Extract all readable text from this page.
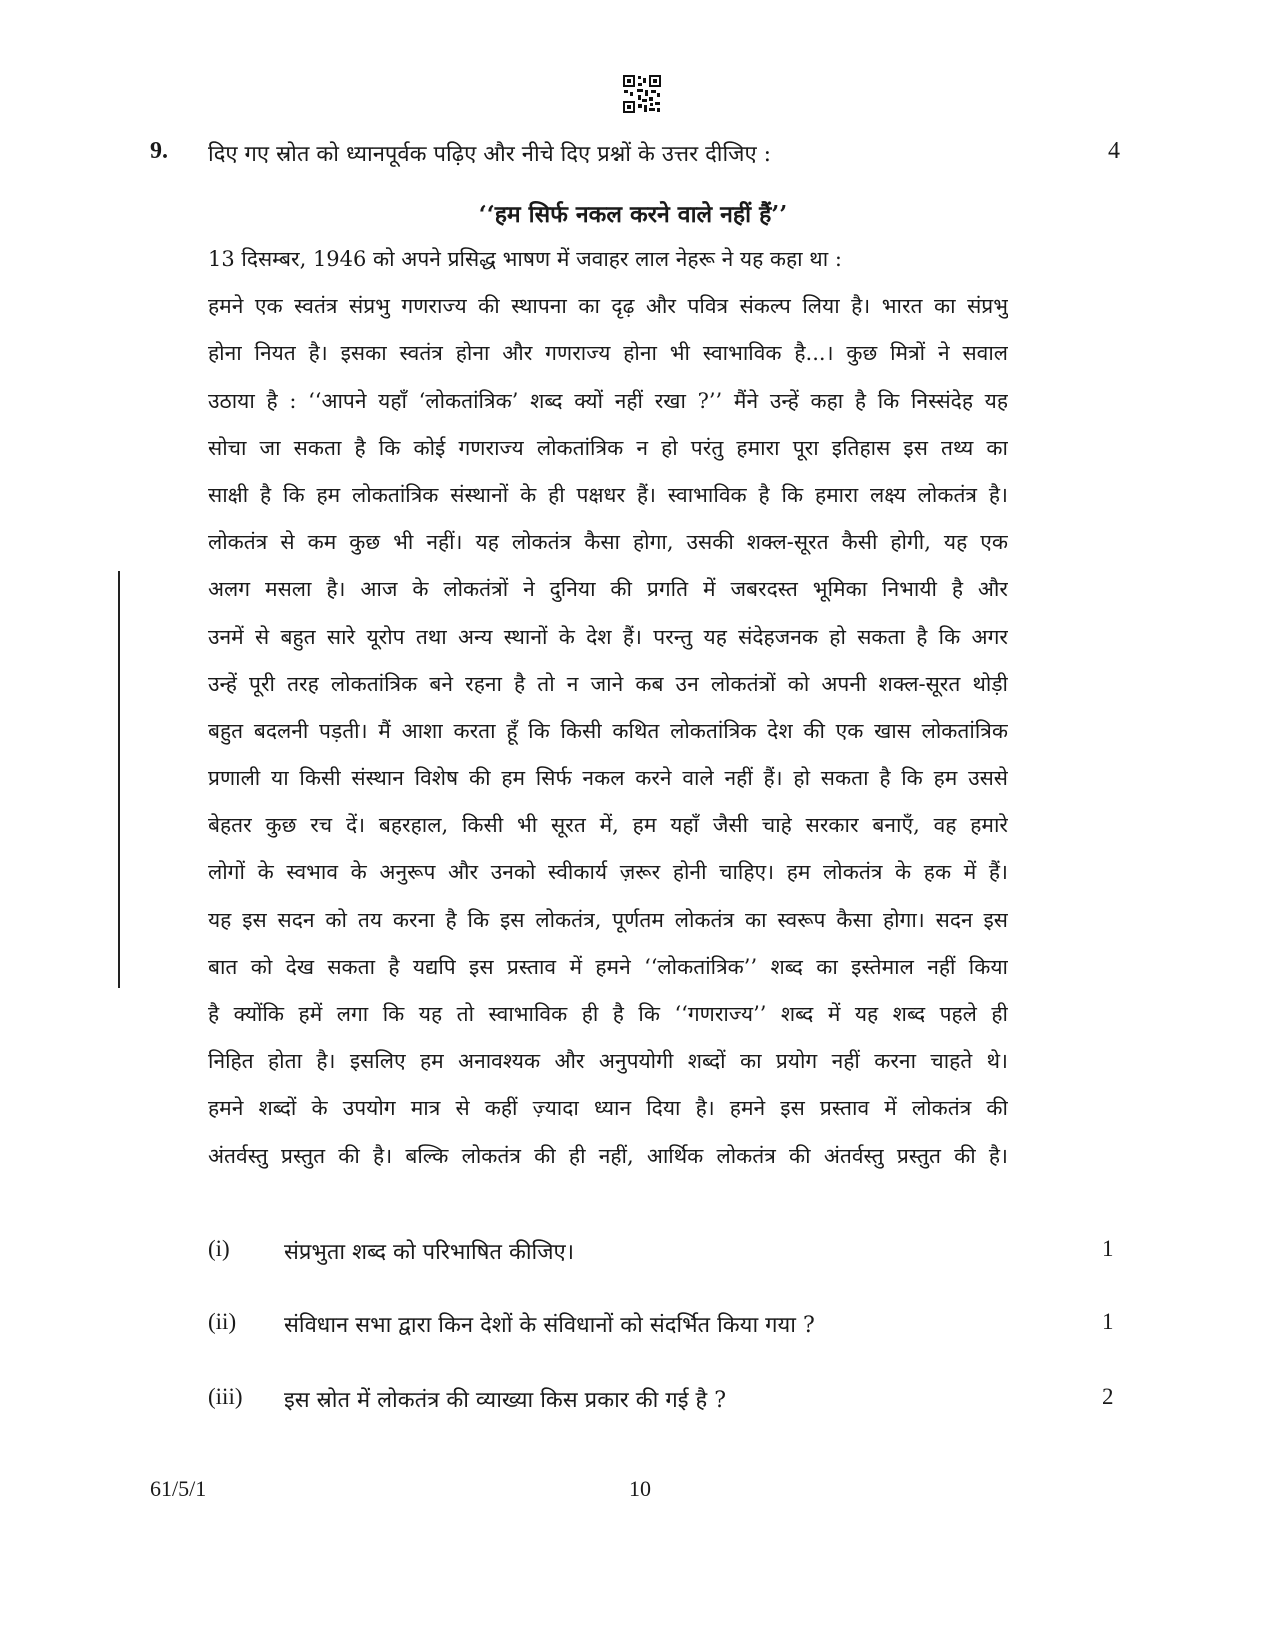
9. दिए गए स्रोत को ध्यानपूर्वक पढ़िए और नीचे दिए प्रश्नों के उत्तर दीजिए :	4
‘‘हम सिर्फ नकल करने वाले नहीं हैं’’
13 दिसम्बर, 1946 को अपने प्रसिद्ध भाषण में जवाहर लाल नेहरू ने यह कहा था :
हमने एक स्वतंत्र संप्रभु गणराज्य की स्थापना का दृढ़ और पवित्र संकल्प लिया है। भारत का संप्रभु
होना नियत है। इसका स्वतंत्र होना और गणराज्य होना भी स्वाभाविक है...। कुछ मित्रों ने सवाल
उठाया है : ‘‘आपने यहाँ ‘लोकतांत्रिक’ शब्द क्यों नहीं रखा ?’’ मैंने उन्हें कहा है कि निस्संदेह यह
सोचा जा सकता है कि कोई गणराज्य लोकतांत्रिक न हो परंतु हमारा पूरा इतिहास इस तथ्य का
साक्षी है कि हम लोकतांत्रिक संस्थानों के ही पक्षधर हैं। स्वाभाविक है कि हमारा लक्ष्य लोकतंत्र है।
लोकतंत्र से कम कुछ भी नहीं। यह लोकतंत्र कैसा होगा, उसकी शक्ल-सूरत कैसी होगी, यह एक
अलग मसला है। आज के लोकतंत्रों ने दुनिया की प्रगति में जबरदस्त भूमिका निभायी है और
उनमें से बहुत सारे यूरोप तथा अन्य स्थानों के देश हैं। परन्तु यह संदेहजनक हो सकता है कि अगर
उन्हें पूरी तरह लोकतांत्रिक बने रहना है तो न जाने कब उन लोकतंत्रों को अपनी शक्ल-सूरत थोड़ी
बहुत बदलनी पड़ती। मैं आशा करता हूँ कि किसी कथित लोकतांत्रिक देश की एक खास लोकतांत्रिक
प्रणाली या किसी संस्थान विशेष की हम सिर्फ नकल करने वाले नहीं हैं। हो सकता है कि हम उससे
बेहतर कुछ रच दें। बहरहाल, किसी भी सूरत में, हम यहाँ जैसी चाहे सरकार बनाएँ, वह हमारे
लोगों के स्वभाव के अनुरूप और उनको स्वीकार्य ज़रूर होनी चाहिए। हम लोकतंत्र के हक में हैं।
यह इस सदन को तय करना है कि इस लोकतंत्र, पूर्णतम लोकतंत्र का स्वरूप कैसा होगा। सदन इस
बात को देख सकता है यद्यपि इस प्रस्ताव में हमने ‘‘लोकतांत्रिक’’ शब्द का इस्तेमाल नहीं किया
है क्योंकि हमें लगा कि यह तो स्वाभाविक ही है कि ‘‘गणराज्य’’ शब्द में यह शब्द पहले ही
निहित होता है। इसलिए हम अनावश्यक और अनुपयोगी शब्दों का प्रयोग नहीं करना चाहते थे।
हमने शब्दों के उपयोग मात्र से कहीं ज़्यादा ध्यान दिया है। हमने इस प्रस्ताव में लोकतंत्र की
अंतर्वस्तु प्रस्तुत की है। बल्कि लोकतंत्र की ही नहीं, आर्थिक लोकतंत्र की अंतर्वस्तु प्रस्तुत की है।
(i) संप्रभुता शब्द को परिभाषित कीजिए।	1
(ii) संविधान सभा द्वारा किन देशों के संविधानों को संदर्भित किया गया ?	1
(iii) इस स्रोत में लोकतंत्र की व्याख्या किस प्रकार की गई है ?	2
61/5/1	10
